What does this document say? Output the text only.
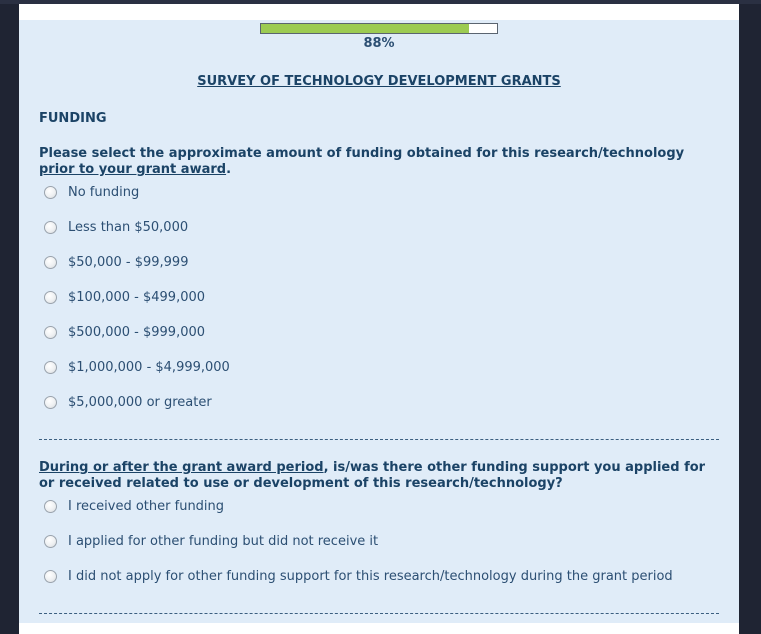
88%
SURVEY OF TECHNOLOGY DEVELOPMENT GRANTS
FUNDING
Please select the approximate amount of funding obtained for this research/technology prior to your grant award.
No funding
Less than $50,000
$50,000 - $99,999
$100,000 - $499,000
$500,000 - $999,000
$1,000,000 - $4,999,000
$5,000,000 or greater
During or after the grant award period, is/was there other funding support you applied for or received related to use or development of this research/technology?
I received other funding
I applied for other funding but did not receive it
I did not apply for other funding support for this research/technology during the grant period
